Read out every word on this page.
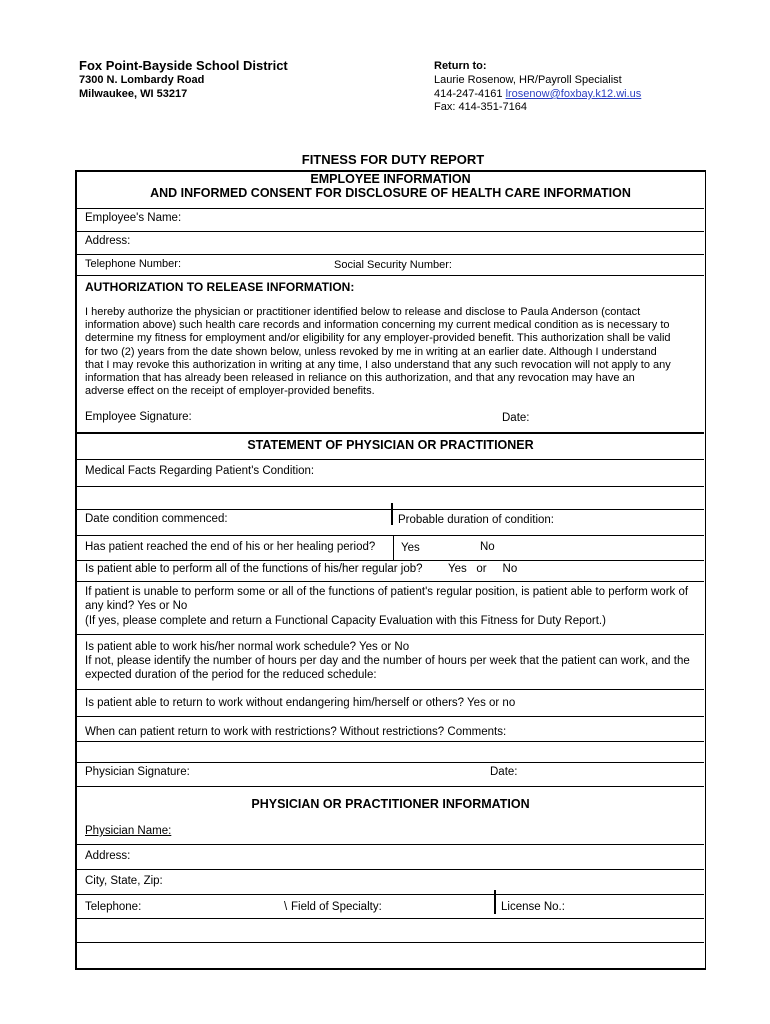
Fox Point-Bayside School District
7300 N. Lombardy Road
Milwaukee, WI 53217
Return to:
Laurie Rosenow, HR/Payroll Specialist
414-247-4161 lrosenow@foxbay.k12.wi.us
Fax: 414-351-7164
FITNESS FOR DUTY REPORT
EMPLOYEE INFORMATION
AND INFORMED CONSENT FOR DISCLOSURE OF HEALTH CARE INFORMATION
Employee's Name:
Address:
Telephone Number:	Social Security Number:
AUTHORIZATION TO RELEASE INFORMATION:

I hereby authorize the physician or practitioner identified below to release and disclose to Paula Anderson (contact

information above) such health care records and information concerning my current medical condition as is necessary to

determine my fitness for employment and/or eligibility for any employer-provided benefit. This authorization shall be valid

for two (2) years from the date shown below, unless revoked by me in writing at an earlier date. Although I understand

that I may revoke this authorization in writing at any time, I also understand that any such revocation will not apply to any

information that has already been released in reliance on this authorization, and that any revocation may have an

adverse effect on the receipt of employer-provided benefits.

Employee Signature:	Date:
STATEMENT OF PHYSICIAN OR PRACTITIONER
Medical Facts Regarding Patient's Condition:
Date condition commenced:	Probable duration of condition:
Has patient reached the end of his or her healing period? Yes	No
Is patient able to perform all of the functions of his/her regular job? Yes   or     No
If patient is unable to perform some or all of the functions of patient's regular position, is patient able to perform work of
any kind? Yes or No
(If yes, please complete and return a Functional Capacity Evaluation with this Fitness for Duty Report.)
Is patient able to work his/her normal work schedule? Yes or No
If not, please identify the number of hours per day and the number of hours per week that the patient can work, and the
expected duration of the period for the reduced schedule:
Is patient able to return to work without endangering him/herself or others? Yes or no
When can patient return to work with restrictions? Without restrictions? Comments:
Physician Signature:	Date:
PHYSICIAN OR PRACTITIONER INFORMATION
Physician Name:
Address:
City, State, Zip:
Telephone:	\ Field of Specialty:	License No.:
